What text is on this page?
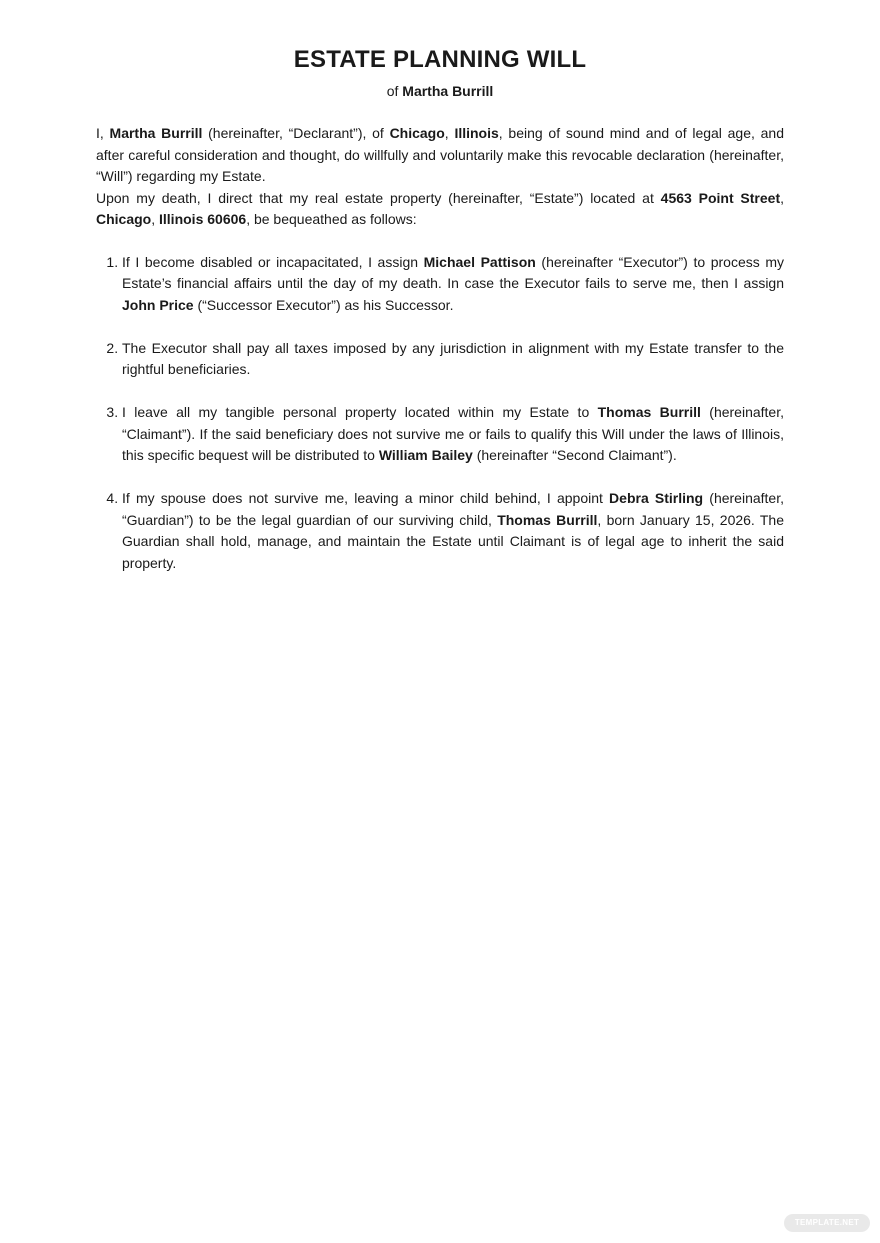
ESTATE PLANNING WILL

of Martha Burrill

I, Martha Burrill (hereinafter, “Declarant”), of Chicago, Illinois, being of sound mind and of legal age, and after careful consideration and thought, do willfully and voluntarily make this revocable declaration (hereinafter, “Will”) regarding my Estate.

Upon my death, I direct that my real estate property (hereinafter, “Estate”) located at 4563 Point Street, Chicago, Illinois 60606, be bequeathed as follows:

1. If I become disabled or incapacitated, I assign Michael Pattison (hereinafter “Executor”) to process my Estate’s financial affairs until the day of my death. In case the Executor fails to serve me, then I assign John Price (“Successor Executor”) as his Successor.
2. The Executor shall pay all taxes imposed by any jurisdiction in alignment with my Estate transfer to the rightful beneficiaries.
3. I leave all my tangible personal property located within my Estate to Thomas Burrill (hereinafter, “Claimant”). If the said beneficiary does not survive me or fails to qualify this Will under the laws of Illinois, this specific bequest will be distributed to William Bailey (hereinafter “Second Claimant”).
4. If my spouse does not survive me, leaving a minor child behind, I appoint Debra Stirling (hereinafter, “Guardian”) to be the legal guardian of our surviving child, Thomas Burrill, born January 15, 2026. The Guardian shall hold, manage, and maintain the Estate until Claimant is of legal age to inherit the said property.
TEMPLATE.NET
